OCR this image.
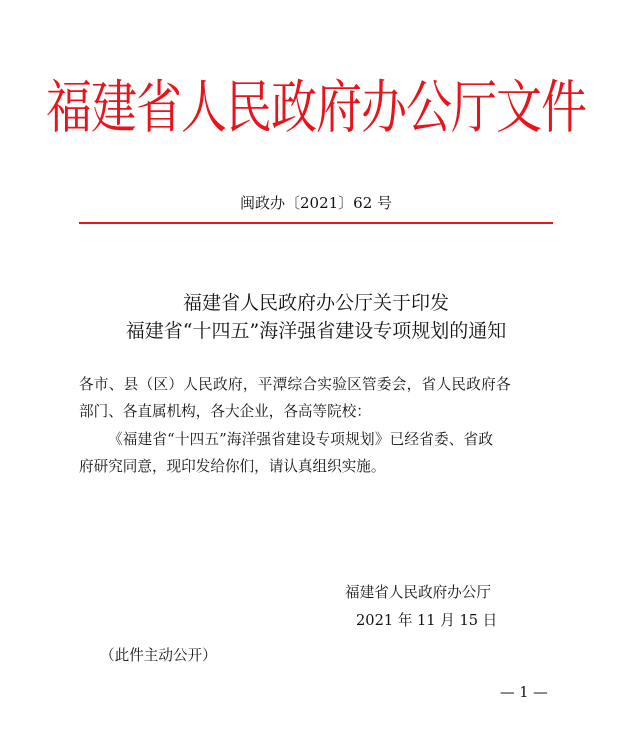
福建省人民政府办公厅文件
闽政办〔2021〕62 号
福建省人民政府办公厅关于印发
福建省“十四五”海洋强省建设专项规划的通知
各市、县（区）人民政府，平潭综合实验区管委会，省人民政府各
部门、各直属机构，各大企业，各高等院校：
《福建省“十四五”海洋强省建设专项规划》已经省委、省政
府研究同意，现印发给你们，请认真组织实施。
福建省人民政府办公厅
2021 年 11 月 15 日
（此件主动公开）
— 1 —
